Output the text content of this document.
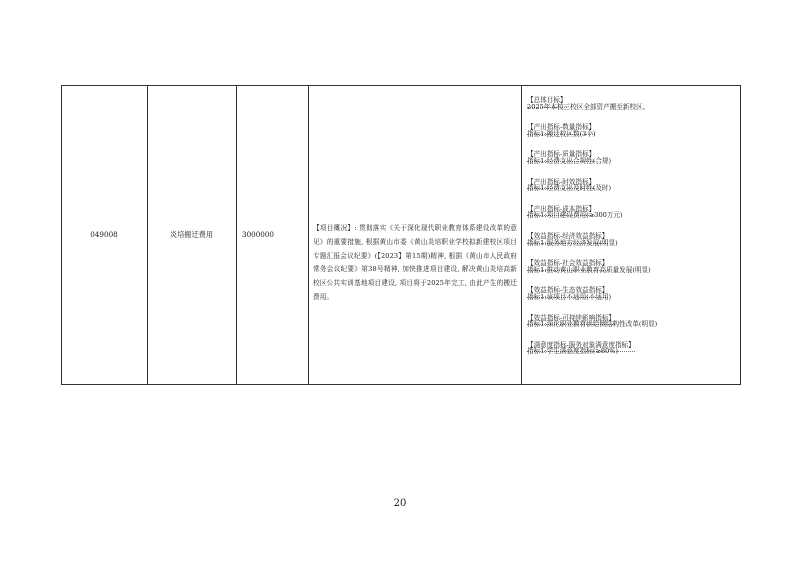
049008	炎培搬迁费用	3000000
【项目概况】: 贯彻落实《关于深化现代职业教育体系建设改革的意见》的重要措施, 根据黄山市委《黄山炎培职业学校拟新建校区项目专题汇报会议纪要》(【2023】第15期)精神, 根据《黄山市人民政府常务会议纪要》第38号精神, 加快推进项目建设, 解决黄山炎培高新校区公共实训基地项目建设, 项目将于2025年完工, 由此产生的搬迁费用。
【总体目标】
2025年本校三校区全部资产搬至新校区。
【产出指标-数量指标】
指标1:搬迁校区数(3个)
【产出指标-质量指标】
指标1:经费支出合规性(合规)
【产出指标-时效指标】
指标1:经费支出及时性(及时)
【产出指标-成本指标】
指标1:项目建设费用(≥300万元)
【效益指标-经济效益指标】
指标1:服务地方经济发展(明显)
【效益指标-社会效益指标】
指标1:推动黄山职业教育高质量发展(明显)
【效益指标-生态效益指标】
指标1:该项目不适用(不适用)
【效益指标-可持续影响指标】
指标1:深化职业教育供给侧结构性改革(明显)
【满意度指标-服务对象满意度指标】
指标1:学生满意度指标(≥80%)
20
